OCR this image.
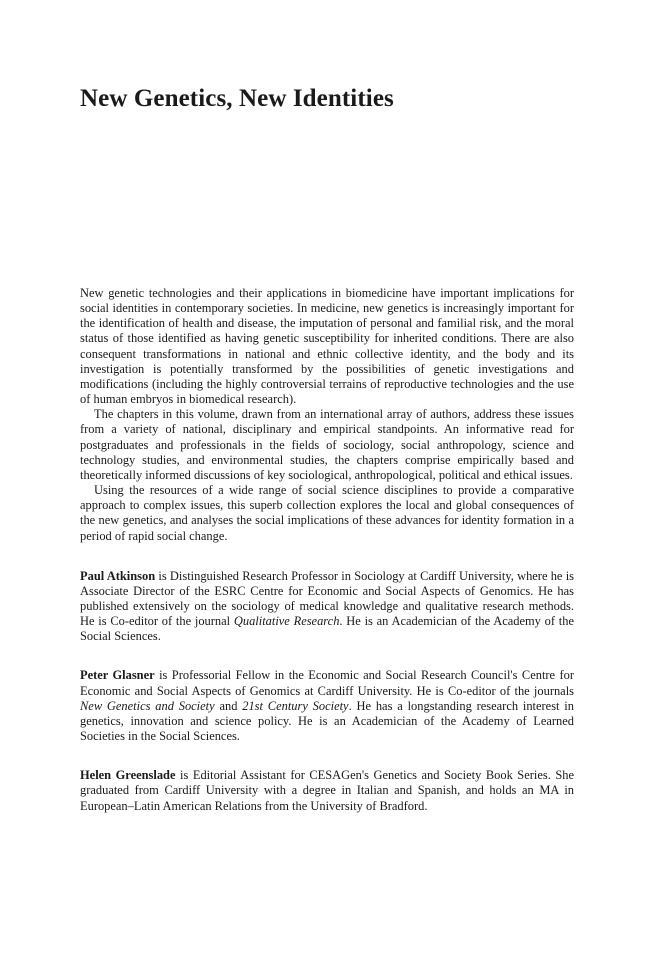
New Genetics, New Identities

New genetic technologies and their applications in biomedicine have important implications for social identities in contemporary societies. In medicine, new genetics is increasingly important for the identification of health and disease, the imputation of personal and familial risk, and the moral status of those identified as having genetic susceptibility for inherited conditions. There are also consequent transformations in national and ethnic collective identity, and the body and its investigation is potentially transformed by the possibilities of genetic investigations and modifications (including the highly controversial terrains of reproductive technologies and the use of human embryos in biomedical research).

The chapters in this volume, drawn from an international array of authors, address these issues from a variety of national, disciplinary and empirical standpoints. An informative read for postgraduates and professionals in the fields of sociology, social anthropology, science and technology studies, and environmental studies, the chapters comprise empirically based and theoretically informed discussions of key sociological, anthropological, political and ethical issues.

Using the resources of a wide range of social science disciplines to provide a comparative approach to complex issues, this superb collection explores the local and global consequences of the new genetics, and analyses the social implications of these advances for identity formation in a period of rapid social change.

Paul Atkinson is Distinguished Research Professor in Sociology at Cardiff University, where he is Associate Director of the ESRC Centre for Economic and Social Aspects of Genomics. He has published extensively on the sociology of medical knowledge and qualitative research methods. He is Co-editor of the journal Qualitative Research. He is an Academician of the Academy of the Social Sciences.

Peter Glasner is Professorial Fellow in the Economic and Social Research Council's Centre for Economic and Social Aspects of Genomics at Cardiff University. He is Co-editor of the journals New Genetics and Society and 21st Century Society. He has a longstanding research interest in genetics, innovation and science policy. He is an Academician of the Academy of Learned Societies in the Social Sciences.

Helen Greenslade is Editorial Assistant for CESAGen's Genetics and Society Book Series. She graduated from Cardiff University with a degree in Italian and Spanish, and holds an MA in European–Latin American Relations from the University of Bradford.
